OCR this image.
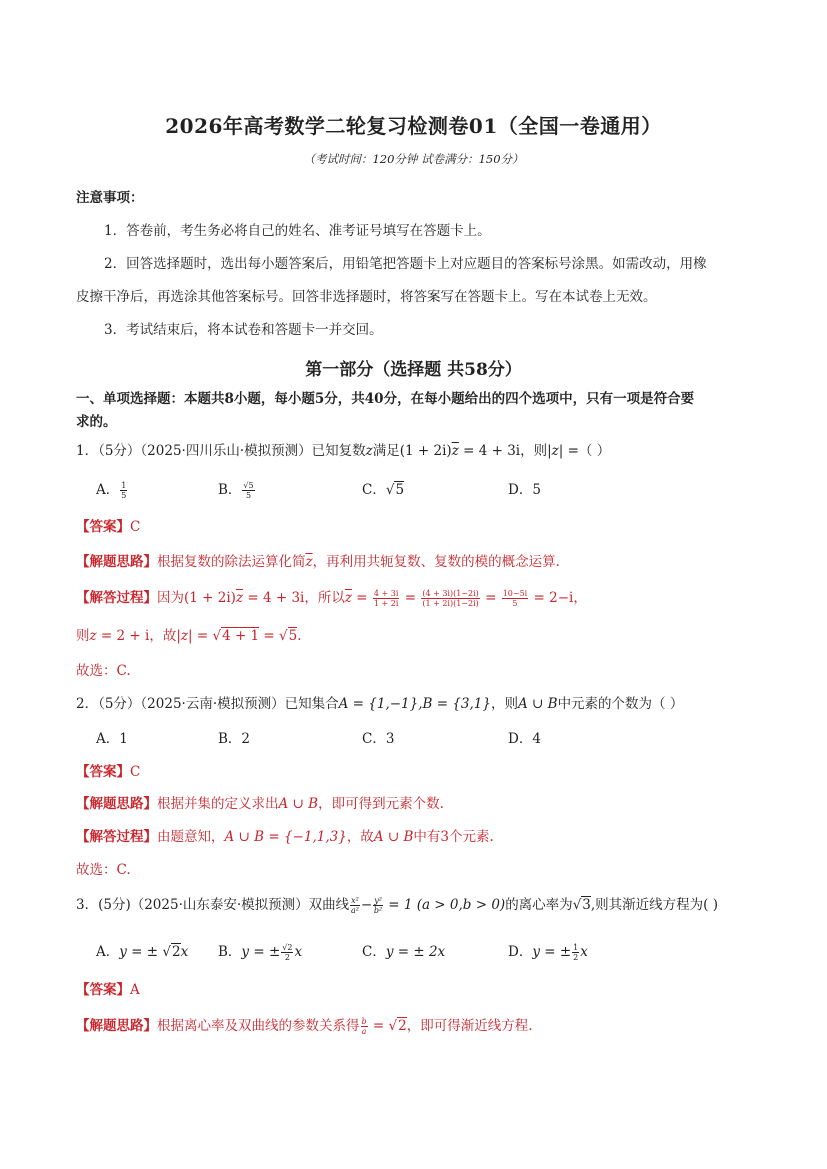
2026年高考数学二轮复习检测卷01（全国一卷通用）
（考试时间：120分钟 试卷满分：150分）
注意事项：
1．答卷前，考生务必将自己的姓名、准考证号填写在答题卡上。
2．回答选择题时，选出每小题答案后，用铅笔把答题卡上对应题目的答案标号涂黑。如需改动，用橡
皮擦干净后，再选涂其他答案标号。回答非选择题时，将答案写在答题卡上。写在本试卷上无效。
3．考试结束后，将本试卷和答题卡一并交回。
第一部分（选择题 共58分）
一、单项选择题：本题共8小题，每小题5分，共40分，在每小题给出的四个选项中，只有一项是符合要
求的。
1．（5分）（2025·四川乐山·模拟预测）已知复数z满足$(1 + 2i)\overline{z} = 4 + 3i$，则|z| =（ ）
A． $\frac{1}{5}$	B． $\frac{√5}{5}$	C．√5	D．5
【答案】C
【解题思路】根据复数的除法运算化简$\overline{z}$，再利用共轭复数、复数的模的概念运算.
【解答过程】因为$(1 + 2i)\overline{z} = 4 + 3i$，所以$\overline{z} = \frac{4 + 3i}{1 + 2i} = \frac{(4 + 3i)(1-2i)}{(1 + 2i)(1-2i)} = \frac{10-5i}{5} = 2-i$，
则z = 2 + i，故|z| = √4 + 1 = √5.
故选：C.
2．（5分）（2025·云南·模拟预测）已知集合A = {1,−1},B = {3,1}，则A ∪ B中元素的个数为（ ）
A．1	B．2	C．3	D．4
【答案】C
【解题思路】根据并集的定义求出A ∪ B，即可得到元素个数.
【解答过程】由题意知，A ∪ B = {−1,1,3}，故A ∪ B中有3个元素.
故选：C.
3．(5分)（2025·山东泰安·模拟预测）双曲线 $\frac{\text{x²}}{\text{a²}} - \frac{\text{y²}}{\text{b²}} = 1$ (a > 0,b > 0)的离心率为√3,则其渐近线方程为( )
A．y = ± √2x B．y = ± $\frac{√2}{2}$ x	C．y = ± 2x	D．y = ± $\frac{1}{2}$ x
【答案】A
【解题思路】根据离心率及双曲线的参数关系得 $\frac{b}{a} = √2$，即可得渐近线方程.
